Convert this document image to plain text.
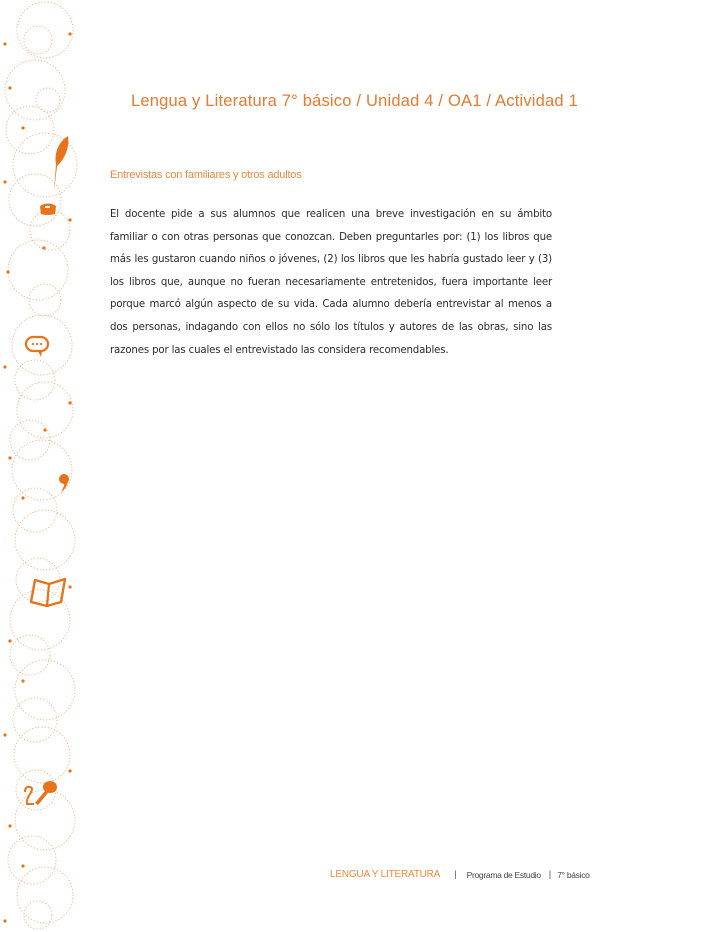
Lengua y Literatura 7° básico / Unidad 4 / OA1 / Actividad 1
Entrevistas con familiares y otros adultos
El docente pide a sus alumnos que realicen una breve investigación en su ámbito familiar o con otras personas que conozcan. Deben preguntarles por: (1) los libros que más les gustaron cuando niños o jóvenes, (2) los libros que les habría gustado leer y (3) los libros que, aunque no fueran necesariamente entretenidos, fuera importante leer porque marcó algún aspecto de su vida. Cada alumno debería entrevistar al menos a dos personas, indagando con ellos no sólo los títulos y autores de las obras, sino las razones por las cuales el entrevistado las considera recomendables.
LENGUA Y LITERATURA | Programa de Estudio | 7° básico
